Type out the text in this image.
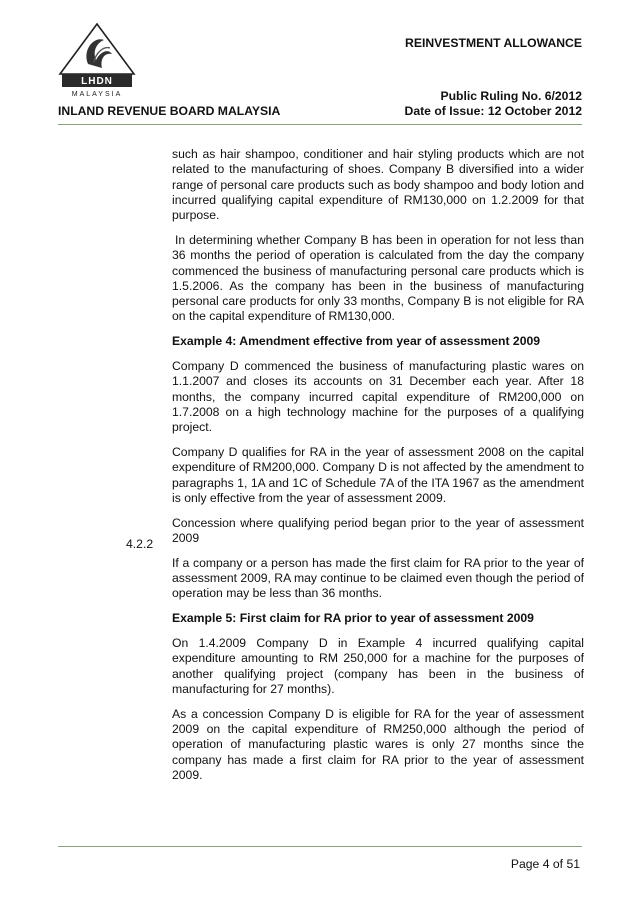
LHDN
MALAYSIA
REINVESTMENT ALLOWANCE
Public Ruling No. 6/2012
Date of Issue: 12 October 2012
INLAND REVENUE BOARD MALAYSIA

such as hair shampoo, conditioner and hair styling products which are not related to the manufacturing of shoes. Company B diversified into a wider range of personal care products such as body shampoo and body lotion and incurred qualifying capital expenditure of RM130,000 on 1.2.2009 for that purpose.

In determining whether Company B has been in operation for not less than 36 months the period of operation is calculated from the day the company commenced the business of manufacturing personal care products which is 1.5.2006. As the company has been in the business of manufacturing personal care products for only 33 months, Company B is not eligible for RA on the capital expenditure of RM130,000.

Example 4: Amendment effective from year of assessment 2009

Company D commenced the business of manufacturing plastic wares on 1.1.2007 and closes its accounts on 31 December each year. After 18 months, the company incurred capital expenditure of RM200,000 on 1.7.2008 on a high technology machine for the purposes of a qualifying project.

Company D qualifies for RA in the year of assessment 2008 on the capital expenditure of RM200,000. Company D is not affected by the amendment to paragraphs 1, 1A and 1C of Schedule 7A of the ITA 1967 as the amendment is only effective from the year of assessment 2009.

Concession where qualifying period began prior to the year of assessment 2009

If a company or a person has made the first claim for RA prior to the year of assessment 2009, RA may continue to be claimed even though the period of operation may be less than 36 months.

Example 5: First claim for RA prior to year of assessment 2009

On 1.4.2009 Company D in Example 4 incurred qualifying capital expenditure amounting to RM 250,000 for a machine for the purposes of another qualifying project (company has been in the business of manufacturing for 27 months).

As a concession Company D is eligible for RA for the year of assessment 2009 on the capital expenditure of RM250,000 although the period of operation of manufacturing plastic wares is only 27 months since the company has made a first claim for RA prior to the year of assessment 2009.

4.2.2
Page 4 of 51
